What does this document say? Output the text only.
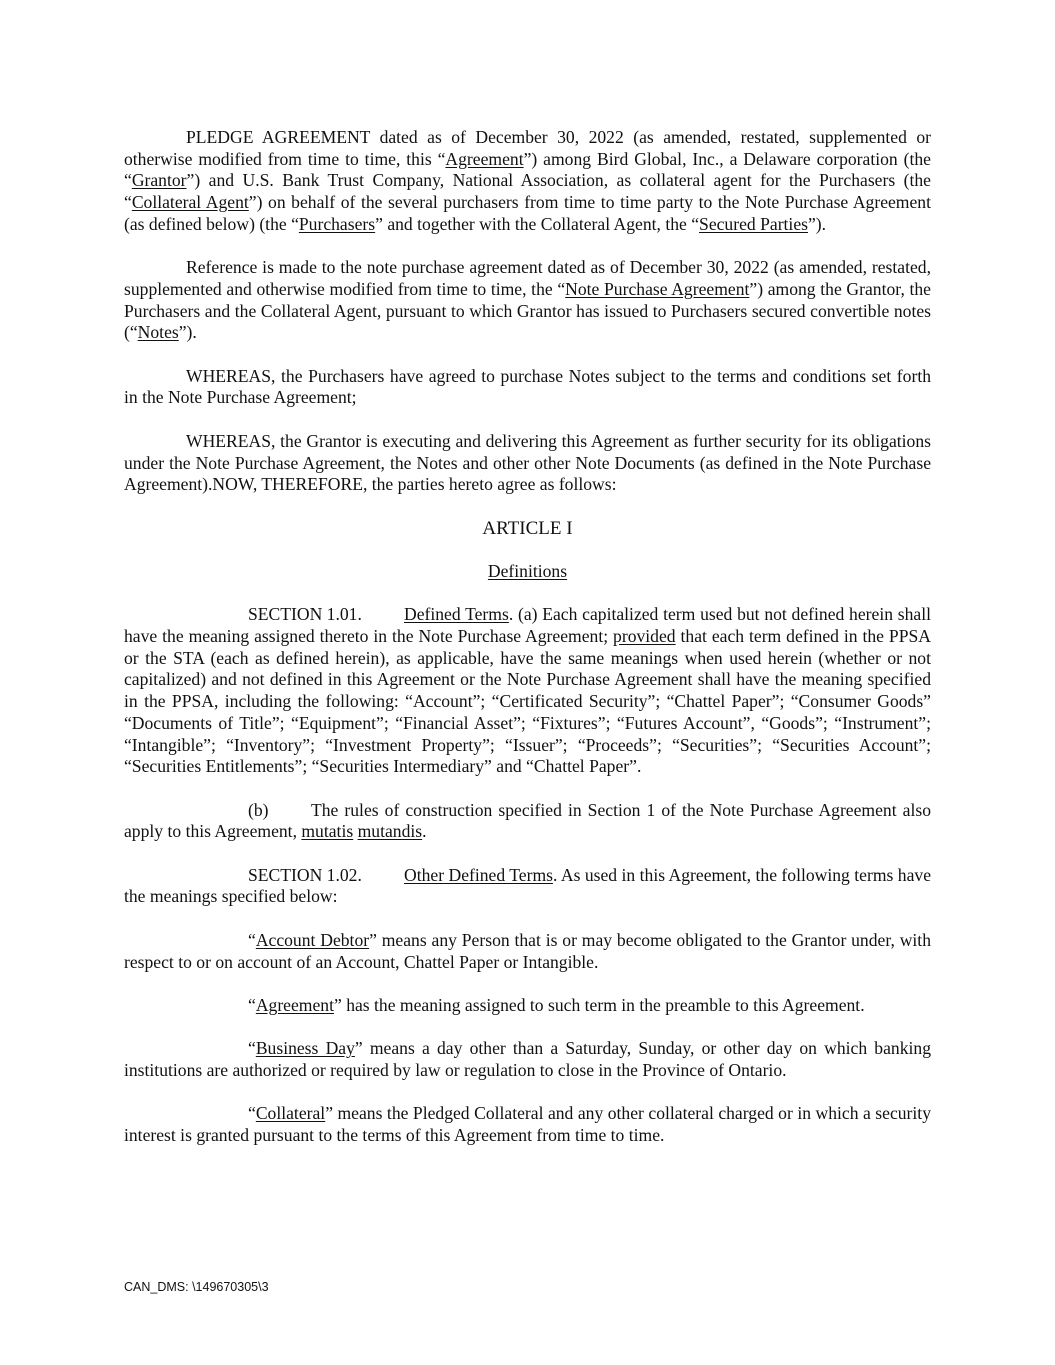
PLEDGE AGREEMENT dated as of December 30, 2022 (as amended, restated, supplemented or otherwise modified from time to time, this “Agreement”) among Bird Global, Inc., a Delaware corporation (the “Grantor”) and U.S. Bank Trust Company, National Association, as collateral agent for the Purchasers (the “Collateral Agent”) on behalf of the several purchasers from time to time party to the Note Purchase Agreement (as defined below) (the “Purchasers” and together with the Collateral Agent, the “Secured Parties”).

Reference is made to the note purchase agreement dated as of December 30, 2022 (as amended, restated, supplemented and otherwise modified from time to time, the “Note Purchase Agreement”) among the Grantor, the Purchasers and the Collateral Agent, pursuant to which Grantor has issued to Purchasers secured convertible notes (“Notes”).

WHEREAS, the Purchasers have agreed to purchase Notes subject to the terms and conditions set forth in the Note Purchase Agreement;

WHEREAS, the Grantor is executing and delivering this Agreement as further security for its obligations under the Note Purchase Agreement, the Notes and other other Note Documents (as defined in the Note Purchase Agreement).NOW, THEREFORE, the parties hereto agree as follows:

ARTICLE I

Definitions

SECTION 1.01. Defined Terms. (a) Each capitalized term used but not defined herein shall have the meaning assigned thereto in the Note Purchase Agreement; provided that each term defined in the PPSA or the STA (each as defined herein), as applicable, have the same meanings when used herein (whether or not capitalized) and not defined in this Agreement or the Note Purchase Agreement shall have the meaning specified in the PPSA, including the following: “Account”; “Certificated Security”; “Chattel Paper”; “Consumer Goods” “Documents of Title”; “Equipment”; “Financial Asset”; “Fixtures”; “Futures Account”, “Goods”; “Instrument”; “Intangible”; “Inventory”; “Investment Property”; “Issuer”; “Proceeds”; “Securities”; “Securities Account”; “Securities Entitlements”; “Securities Intermediary” and “Chattel Paper”.

(b) The rules of construction specified in Section 1 of the Note Purchase Agreement also apply to this Agreement, mutatis mutandis.

SECTION 1.02. Other Defined Terms. As used in this Agreement, the following terms have the meanings specified below:

“Account Debtor” means any Person that is or may become obligated to the Grantor under, with respect to or on account of an Account, Chattel Paper or Intangible.

“Agreement” has the meaning assigned to such term in the preamble to this Agreement.

“Business Day” means a day other than a Saturday, Sunday, or other day on which banking institutions are authorized or required by law or regulation to close in the Province of Ontario.

“Collateral” means the Pledged Collateral and any other collateral charged or in which a security interest is granted pursuant to the terms of this Agreement from time to time.

CAN_DMS: \149670305\3
